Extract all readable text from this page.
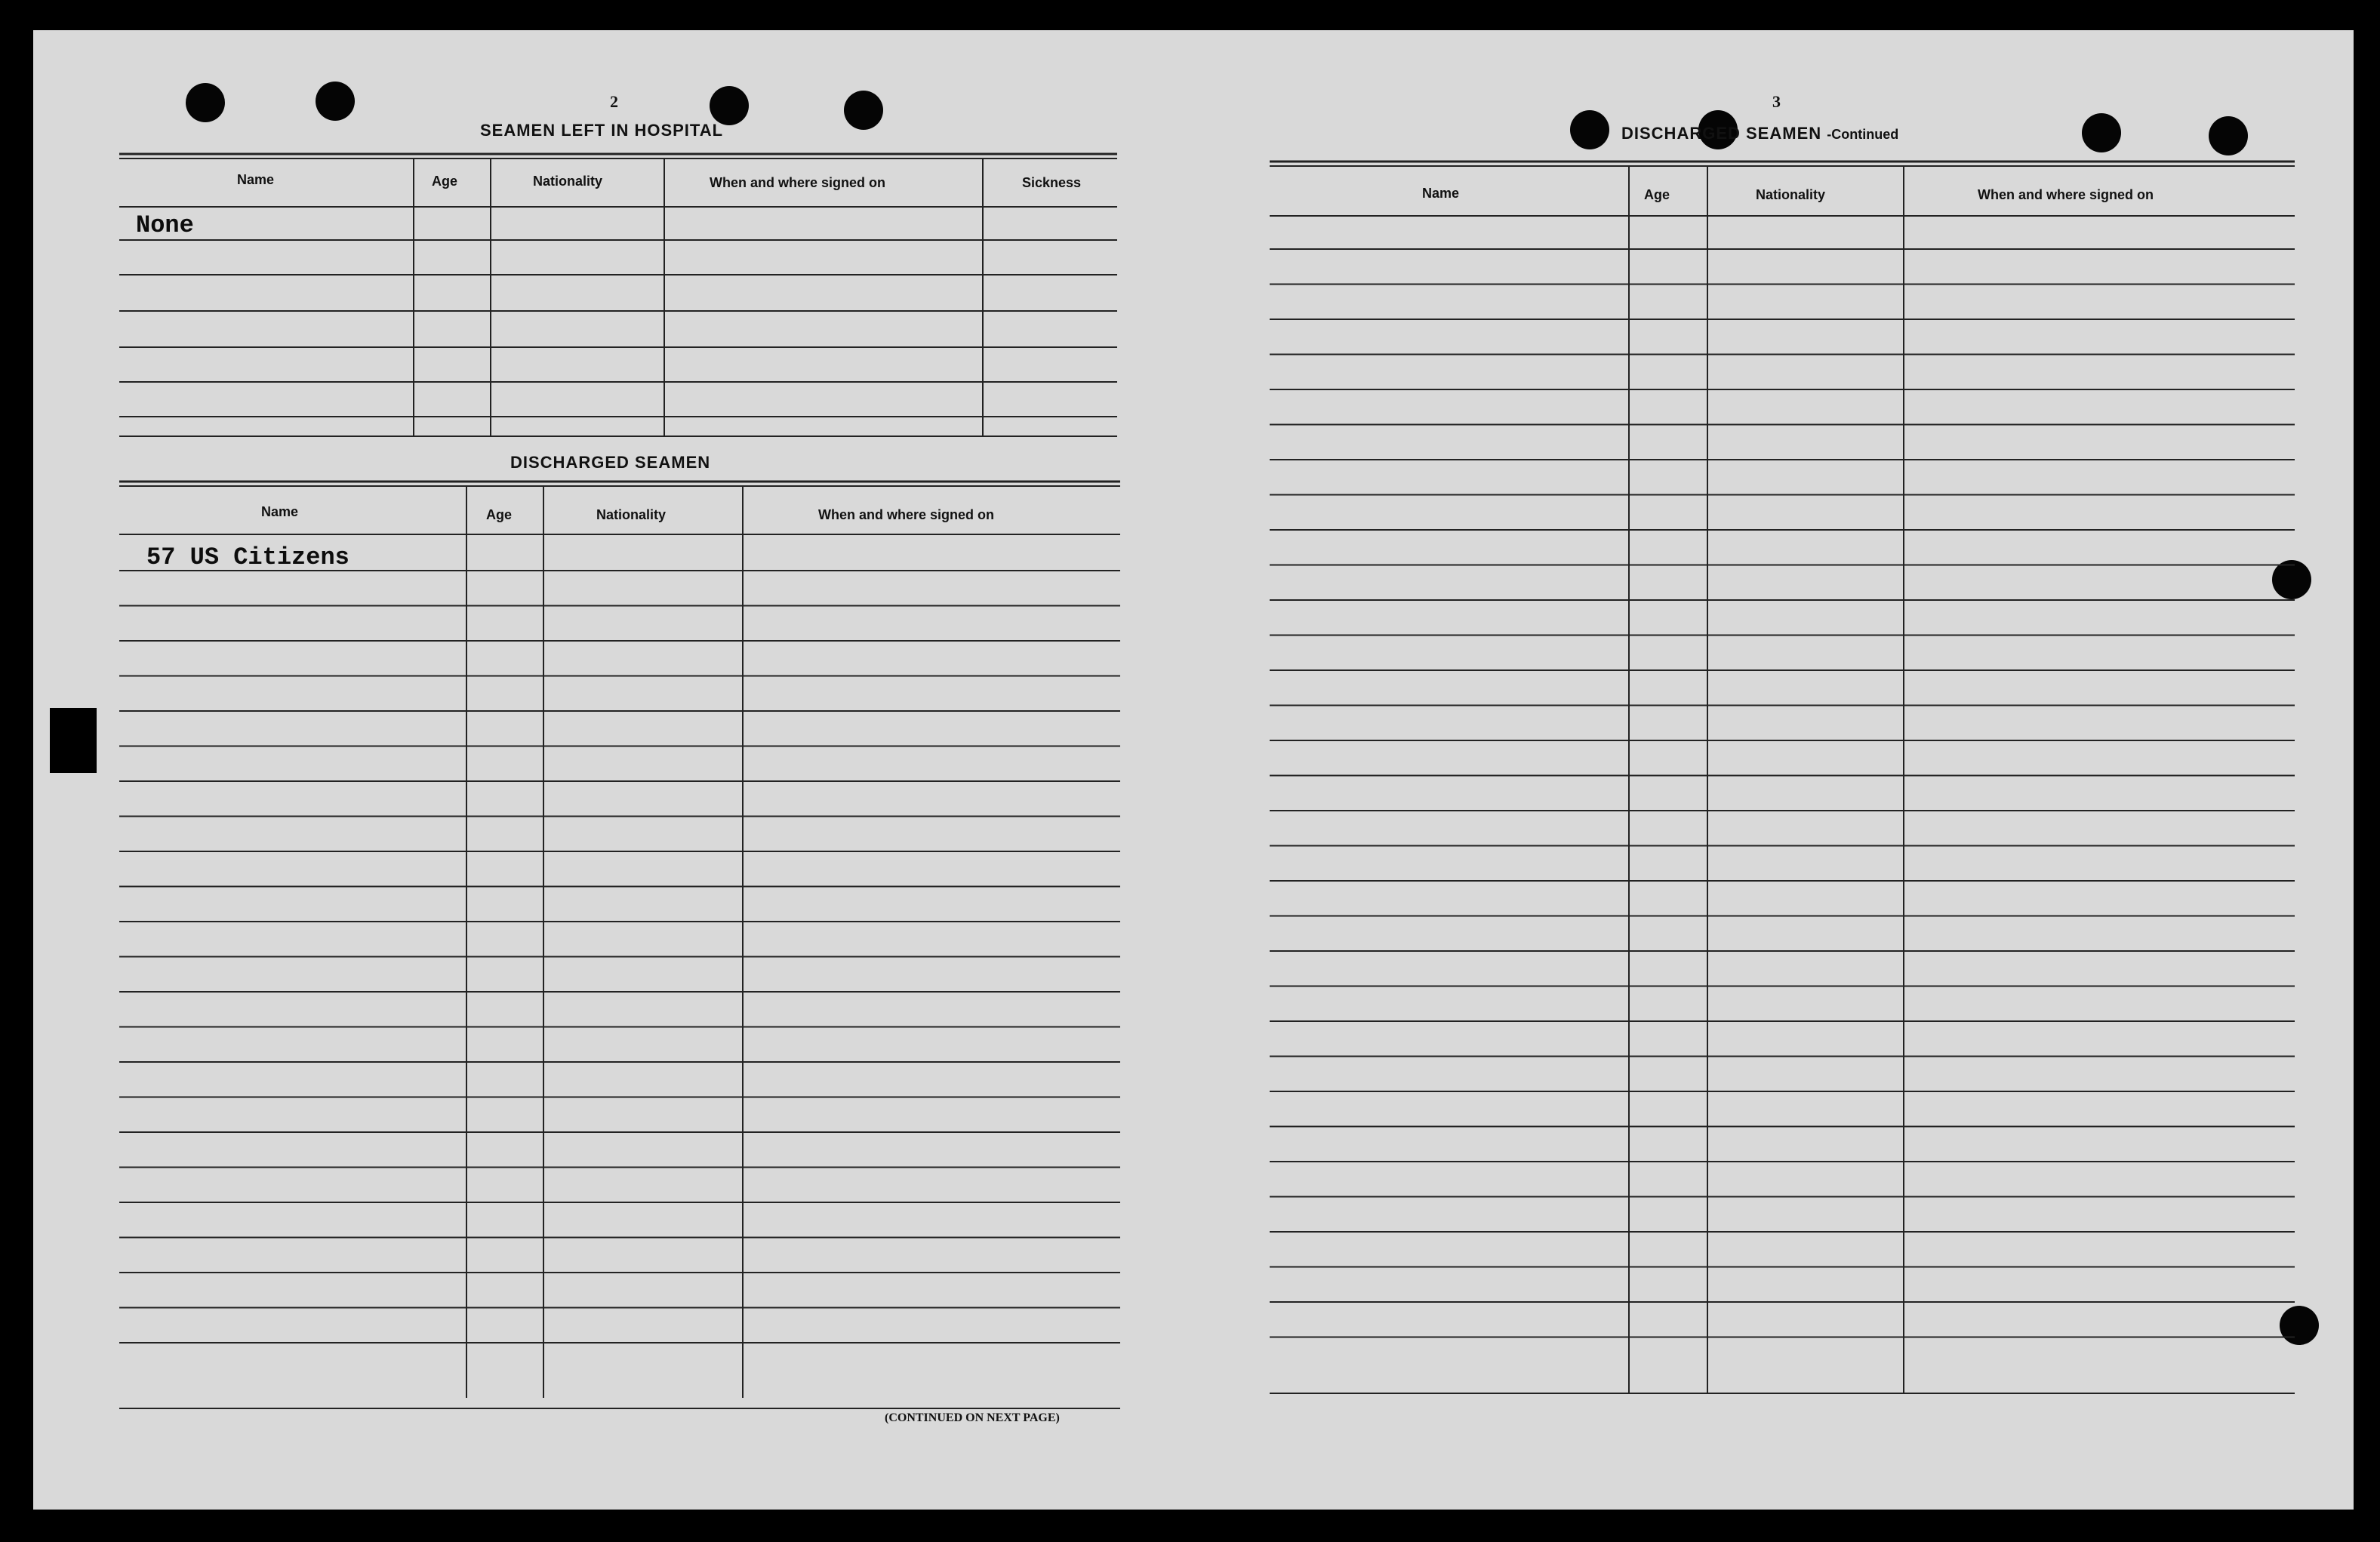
2
SEAMEN LEFT IN HOSPITAL
Name	Age	Nationality	When and where signed on	Sickness
None
DISCHARGED SEAMEN
Name	Age	Nationality	When and where signed on
57 US Citizens
(CONTINUED ON NEXT PAGE)
3
DISCHARGED SEAMEN -Continued
Name	Age	Nationality	When and where signed on
